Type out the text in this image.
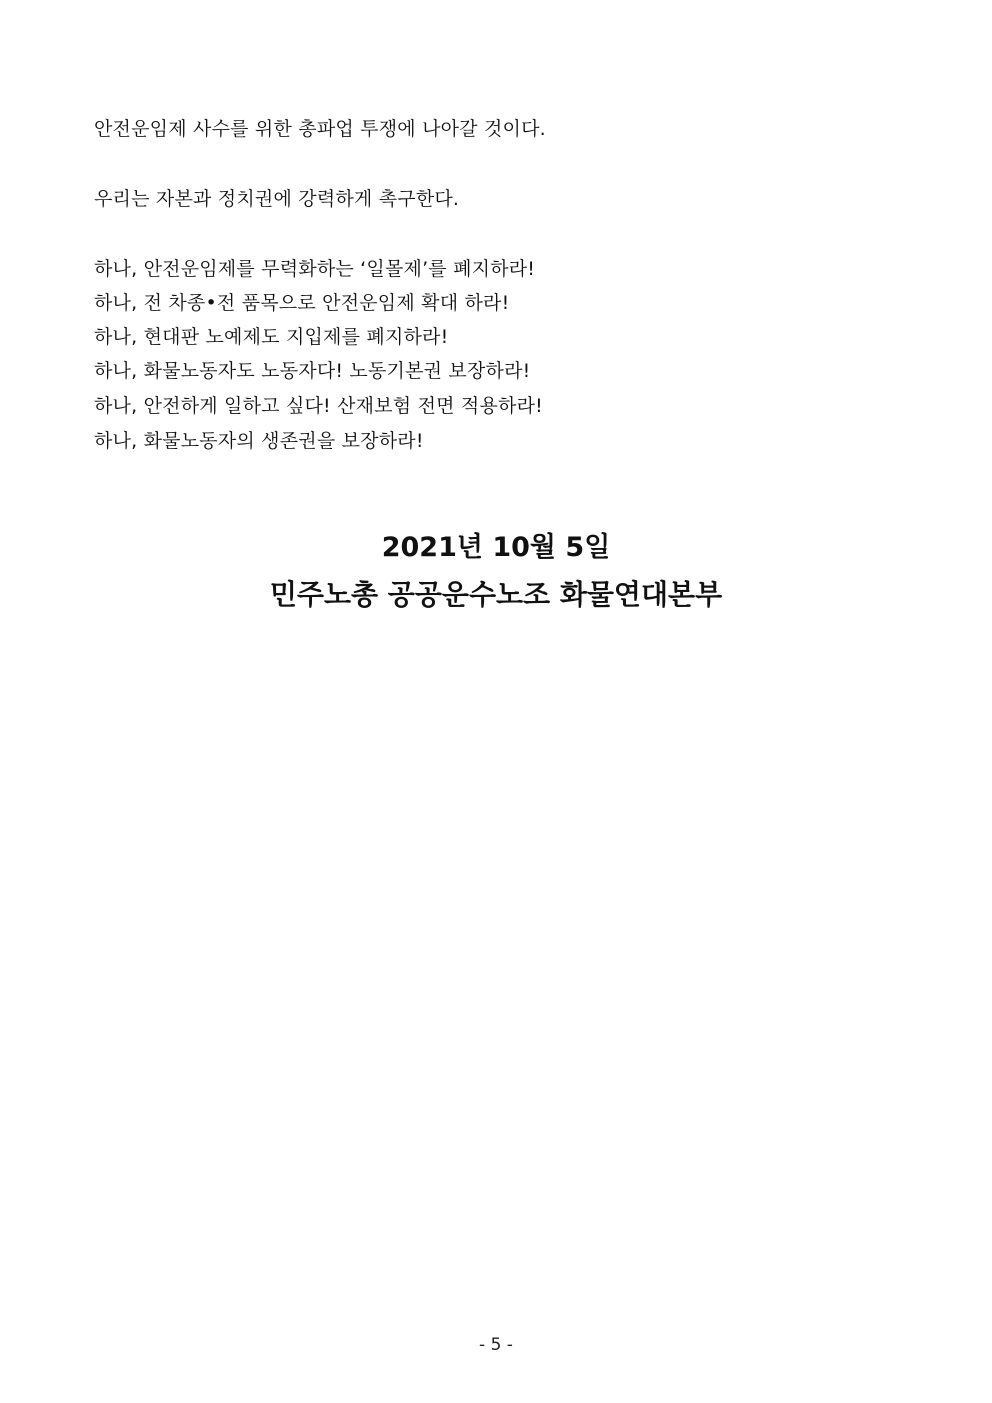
안전운임제 사수를 위한 총파업 투쟁에 나아갈 것이다.
우리는 자본과 정치권에 강력하게 촉구한다.
하나, 안전운임제를 무력화하는 ‘일몰제’를 폐지하라!
하나, 전 차종•전 품목으로 안전운임제 확대 하라!
하나, 현대판 노예제도 지입제를 폐지하라!
하나, 화물노동자도 노동자다! 노동기본권 보장하라!
하나, 안전하게 일하고 싶다! 산재보험 전면 적용하라!
하나, 화물노동자의 생존권을 보장하라!
2021년 10월 5일
민주노총 공공운수노조 화물연대본부
- 5 -
